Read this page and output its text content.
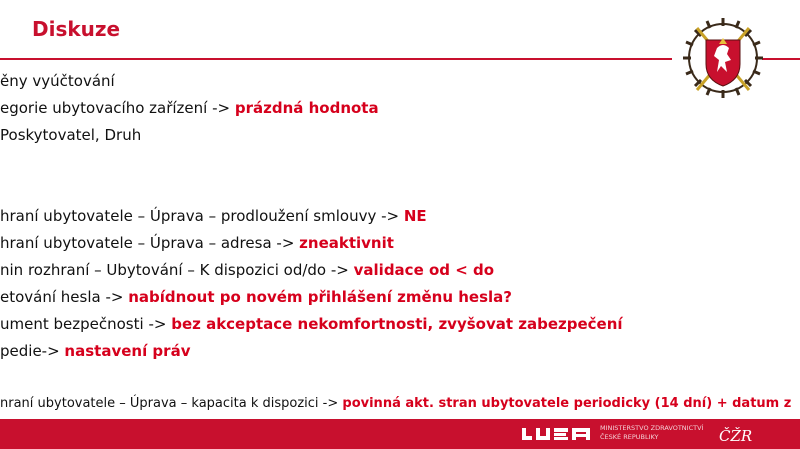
Diskuze
ěny vyúčtování
egorie ubytovacího zařízení -> prázdná hodnota
Poskytovatel, Druh
hraní ubytovatele – Úprava – prodloužení smlouvy -> NE
hraní ubytovatele – Úprava – adresa -> zneaktivnit
nin rozhraní – Ubytování – K dispozici od/do -> validace od < do
etování hesla -> nabídnout po novém přihlášení změnu hesla?
ument bezpečnosti -> bez akceptace nekomfortnosti, zvyšovat zabezpečení
pedie-> nastavení práv
nraní ubytovatele – Úprava – kapacita k dispozici -> povinná akt. stran ubytovatele periodicky (14 dní) + datum z
MINISTERSTVO ZDRAVOTNICTVÍ
ČESKÉ REPUBLIKY	ČŽR
